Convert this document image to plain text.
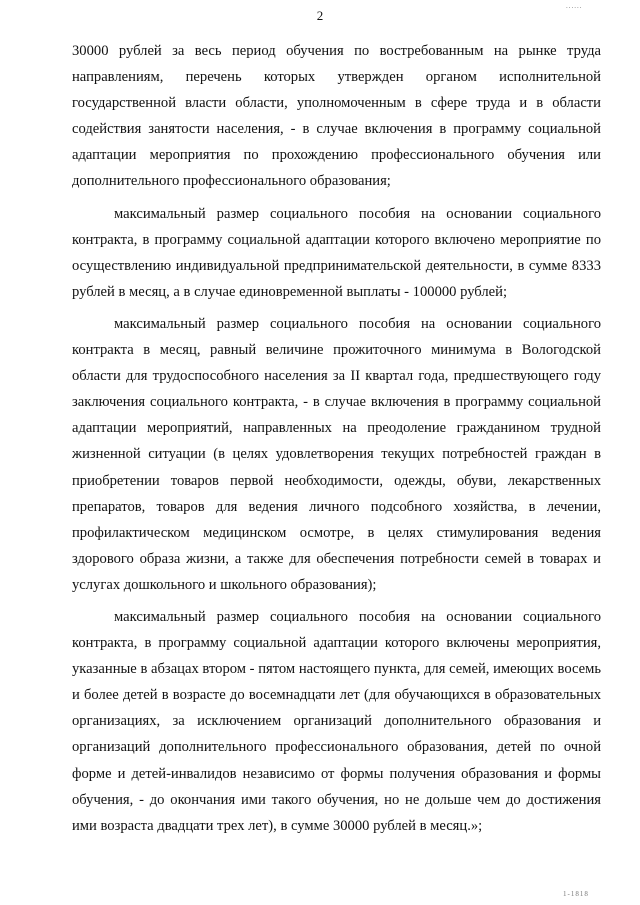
......
2

30000 рублей за весь период обучения по востребованным на рынке труда направлениям, перечень которых утвержден органом исполнительной государственной власти области, уполномоченным в сфере труда и в области содействия занятости населения, - в случае включения в программу социальной адаптации мероприятия по прохождению профессионального обучения или дополнительного профессионального образования;

максимальный размер социального пособия на основании социального контракта, в программу социальной адаптации которого включено мероприятие по осуществлению индивидуальной предпринимательской деятельности, в сумме 8333 рублей в месяц, а в случае единовременной выплаты - 100000 рублей;

максимальный размер социального пособия на основании социального контракта в месяц, равный величине прожиточного минимума в Вологодской области для трудоспособного населения за II квартал года, предшествующего году заключения социального контракта, - в случае включения в программу социальной адаптации мероприятий, направленных на преодоление гражданином трудной жизненной ситуации (в целях удовлетворения текущих потребностей граждан в приобретении товаров первой необходимости, одежды, обуви, лекарственных препаратов, товаров для ведения личного подсобного хозяйства, в лечении, профилактическом медицинском осмотре, в целях стимулирования ведения здорового образа жизни, а также для обеспечения потребности семей в товарах и услугах дошкольного и школьного образования);

максимальный размер социального пособия на основании социального контракта, в программу социальной адаптации которого включены мероприятия, указанные в абзацах втором - пятом настоящего пункта, для семей, имеющих восемь и более детей в возрасте до восемнадцати лет (для обучающихся в образовательных организациях, за исключением организаций дополнительного образования и организаций дополнительного профессионального образования, детей по очной форме и детей-инвалидов независимо от формы получения образования и формы обучения, - до окончания ими такого обучения, но не дольше чем до достижения ими возраста двадцати трех лет), в сумме 30000 рублей в месяц.»;

1-1818
